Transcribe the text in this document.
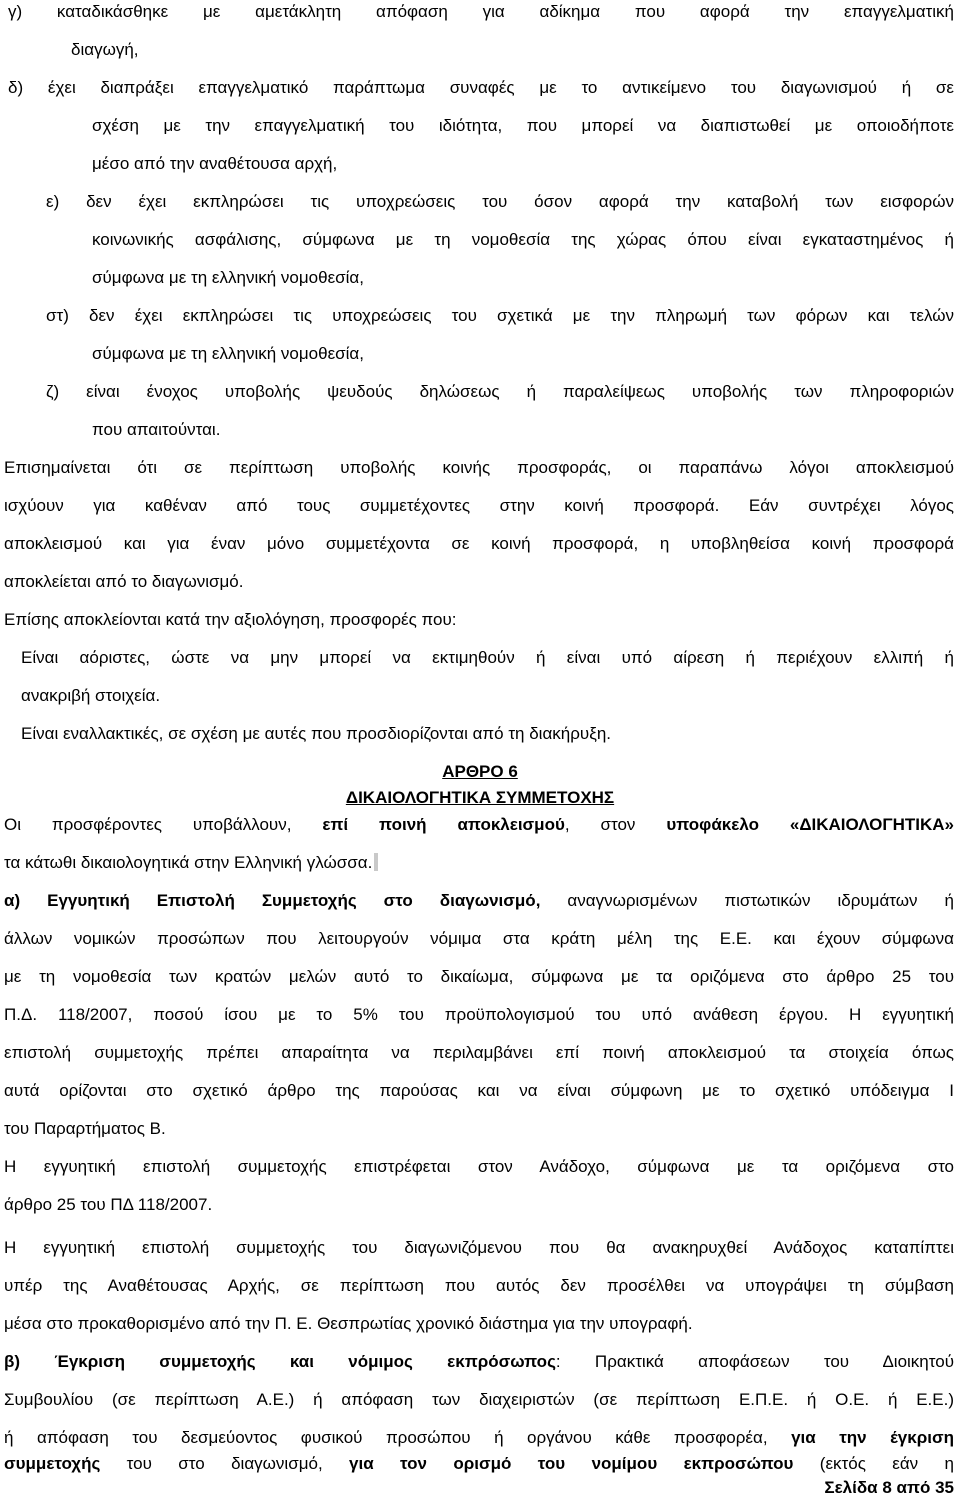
γ) καταδικάσθηκε με αμετάκλητη απόφαση για αδίκημα που αφορά την επαγγελματική
διαγωγή,
δ) έχει διαπράξει επαγγελματικό παράπτωμα συναφές με το αντικείμενο του διαγωνισμού ή σε
σχέση με την επαγγελματική του ιδιότητα, που μπορεί να διαπιστωθεί με οποιοδήποτε
μέσο από την αναθέτουσα αρχή,
ε) δεν έχει εκπληρώσει τις υποχρεώσεις του όσον αφορά την καταβολή των εισφορών
κοινωνικής ασφάλισης, σύμφωνα με τη νομοθεσία της χώρας όπου είναι εγκαταστημένος ή
σύμφωνα με τη ελληνική νομοθεσία,
στ) δεν έχει εκπληρώσει τις υποχρεώσεις του σχετικά με την πληρωμή των φόρων και τελών
σύμφωνα με τη ελληνική νομοθεσία,
ζ) είναι ένοχος υποβολής ψευδούς δηλώσεως ή παραλείψεως υποβολής των πληροφοριών
που απαιτούνται.
Επισημαίνεται ότι σε περίπτωση υποβολής κοινής προσφοράς, οι παραπάνω λόγοι αποκλεισμού
ισχύουν για καθέναν από τους συμμετέχοντες στην κοινή προσφορά. Εάν συντρέχει λόγος
αποκλεισμού και για έναν μόνο συμμετέχοντα σε κοινή προσφορά, η υποβληθείσα κοινή προσφορά
αποκλείεται από το διαγωνισμό.
Επίσης αποκλείονται κατά την αξιολόγηση, προσφορές που:
Είναι αόριστες, ώστε να μην μπορεί να εκτιμηθούν ή είναι υπό αίρεση ή περιέχουν ελλιπή ή
ανακριβή στοιχεία.
Είναι εναλλακτικές, σε σχέση με αυτές που προσδιορίζονται από τη διακήρυξη.
ΑΡΘΡΟ 6
ΔΙΚΑΙΟΛΟΓΗΤΙΚΑ ΣΥΜΜΕΤΟΧΗΣ
Οι προσφέροντες υποβάλλουν, επί ποινή αποκλεισμού, στον υποφάκελο «ΔΙΚΑΙΟΛΟΓΗΤΙΚΑ»
τα κάτωθι δικαιολογητικά στην Ελληνική γλώσσα.
α) Εγγυητική Επιστολή Συμμετοχής στο διαγωνισμό, αναγνωρισμένων πιστωτικών ιδρυμάτων ή
άλλων νομικών προσώπων που λειτουργούν νόμιμα στα κράτη μέλη της Ε.Ε. και έχουν σύμφωνα
με τη νομοθεσία των κρατών μελών αυτό το δικαίωμα, σύμφωνα με τα οριζόμενα στο άρθρο 25 του
Π.Δ. 118/2007, ποσού ίσου με το 5% του προϋπολογισμού του υπό ανάθεση έργου. Η εγγυητική
επιστολή συμμετοχής πρέπει απαραίτητα να περιλαμβάνει επί ποινή αποκλεισμού τα στοιχεία όπως
αυτά ορίζονται στο σχετικό άρθρο της παρούσας και να είναι σύμφωνη με το σχετικό υπόδειγμα Ι
του Παραρτήματος Β.
Η εγγυητική επιστολή συμμετοχής επιστρέφεται στον Ανάδοχο, σύμφωνα με τα οριζόμενα στο
άρθρο 25 του ΠΔ 118/2007.
Η εγγυητική επιστολή συμμετοχής του διαγωνιζόμενου που θα ανακηρυχθεί Ανάδοχος καταπίπτει
υπέρ της Αναθέτουσας Αρχής, σε περίπτωση που αυτός δεν προσέλθει να υπογράψει τη σύμβαση
μέσα στο προκαθορισμένο από την Π. Ε. Θεσπρωτίας χρονικό διάστημα για την υπογραφή.
β) Έγκριση συμμετοχής και νόμιμος εκπρόσωπος: Πρακτικά αποφάσεων του Διοικητού
Συμβουλίου (σε περίπτωση Α.Ε.) ή απόφαση των διαχειριστών (σε περίπτωση Ε.Π.Ε. ή Ο.Ε. ή Ε.Ε.)
ή απόφαση του δεσμεύοντος φυσικού προσώπου ή οργάνου κάθε προσφορέα, για την έγκριση
συμμετοχής του στο διαγωνισμό, για τον ορισμό του νομίμου εκπροσώπου (εκτός εάν η
Σελίδα 8 από 35
